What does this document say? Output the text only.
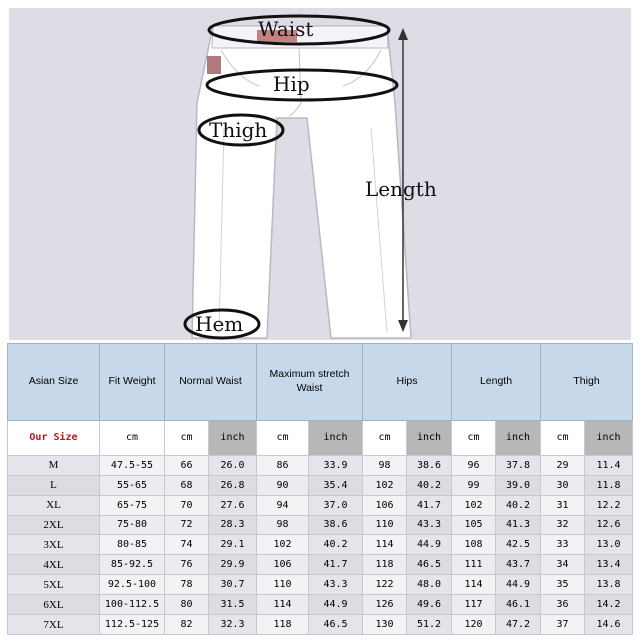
Waist
Hip
Thigh
Length
Hem
Asian Size	Fit Weight	Normal Waist		Maximum stretch Waist		Hips		Length		Thigh	
Our Size	cm	cm	inch	cm	inch	cm	inch	cm	inch	cm	inch
M	47.5-55	66	26.0	86	33.9	98	38.6	96	37.8	29	11.4
L	55-65	68	26.8	90	35.4	102	40.2	99	39.0	30	11.8
XL	65-75	70	27.6	94	37.0	106	41.7	102	40.2	31	12.2
2XL	75-80	72	28.3	98	38.6	110	43.3	105	41.3	32	12.6
3XL	80-85	74	29.1	102	40.2	114	44.9	108	42.5	33	13.0
4XL	85-92.5	76	29.9	106	41.7	118	46.5	111	43.7	34	13.4
5XL	92.5-100	78	30.7	110	43.3	122	48.0	114	44.9	35	13.8
6XL	100-112.5	80	31.5	114	44.9	126	49.6	117	46.1	36	14.2
7XL	112.5-125	82	32.3	118	46.5	130	51.2	120	47.2	37	14.6
